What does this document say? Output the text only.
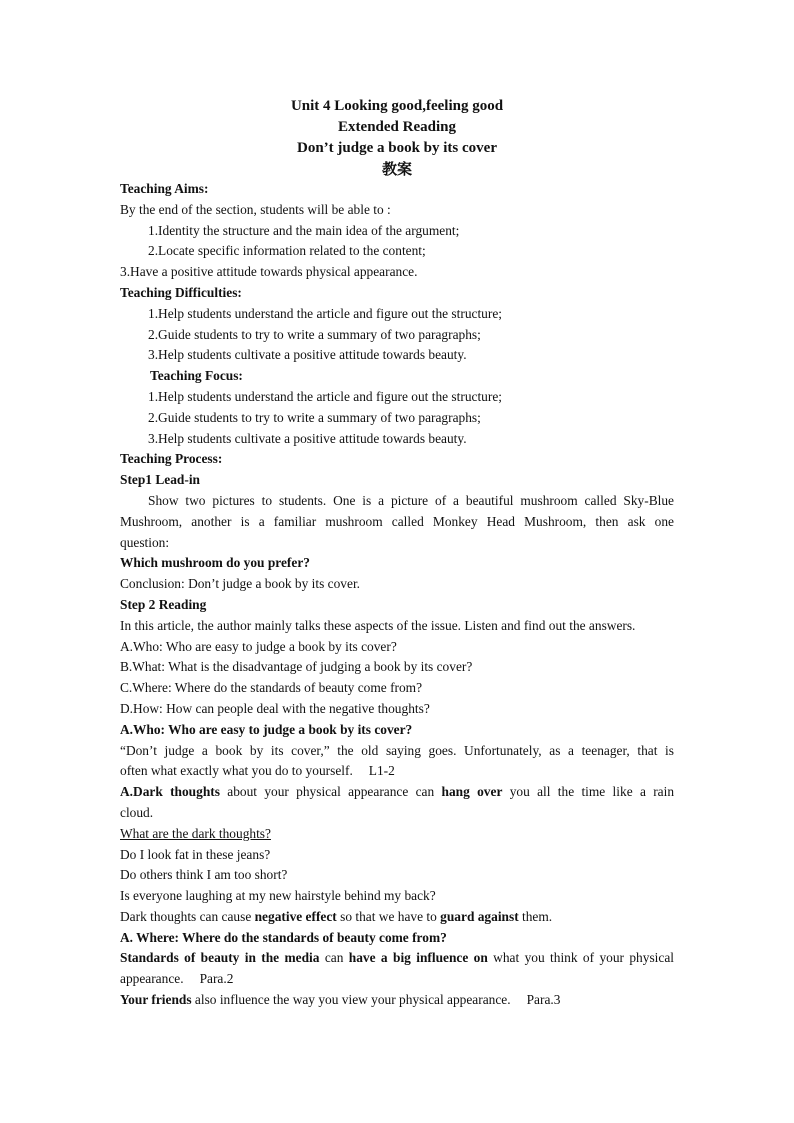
Unit 4 Looking good,feeling good
Extended Reading
Don’t judge a book by its cover
教案
Teaching Aims:
By the end of the section, students will be able to :
1.Identity the structure and the main idea of the argument;
2.Locate specific information related to the content;
3.Have a positive attitude towards physical appearance.
Teaching Difficulties:
1.Help students understand the article and figure out the structure;
2.Guide students to try to write a summary of two paragraphs;
3.Help students cultivate a positive attitude towards beauty.
Teaching Focus:
1.Help students understand the article and figure out the structure;
2.Guide students to try to write a summary of two paragraphs;
3.Help students cultivate a positive attitude towards beauty.
Teaching Process:
Step1 Lead-in
Show two pictures to students. One is a picture of a beautiful mushroom called Sky-Blue
Mushroom, another is a familiar mushroom called Monkey Head Mushroom, then ask one
question:
Which mushroom do you prefer?
Conclusion: Don’t judge a book by its cover.
Step 2 Reading
In this article, the author mainly talks these aspects of the issue. Listen and find out the answers.
A.Who: Who are easy to judge a book by its cover?
B.What: What is the disadvantage of judging a book by its cover?
C.Where: Where do the standards of beauty come from?
D.How: How can people deal with the negative thoughts?
A.Who: Who are easy to judge a book by its cover?
“Don’t judge a book by its cover,” the old saying goes. Unfortunately, as a teenager, that is
often what exactly what you do to yourself. L1-2
A.Dark thoughts about your physical appearance can hang over you all the time like a rain
cloud.
What are the dark thoughts?
Do I look fat in these jeans?
Do others think I am too short?
Is everyone laughing at my new hairstyle behind my back?
Dark thoughts can cause negative effect so that we have to guard against them.
A. Where: Where do the standards of beauty come from?
Standards of beauty in the media can have a big influence on what you think of your physical
appearance. Para.2
Your friends also influence the way you view your physical appearance. Para.3
